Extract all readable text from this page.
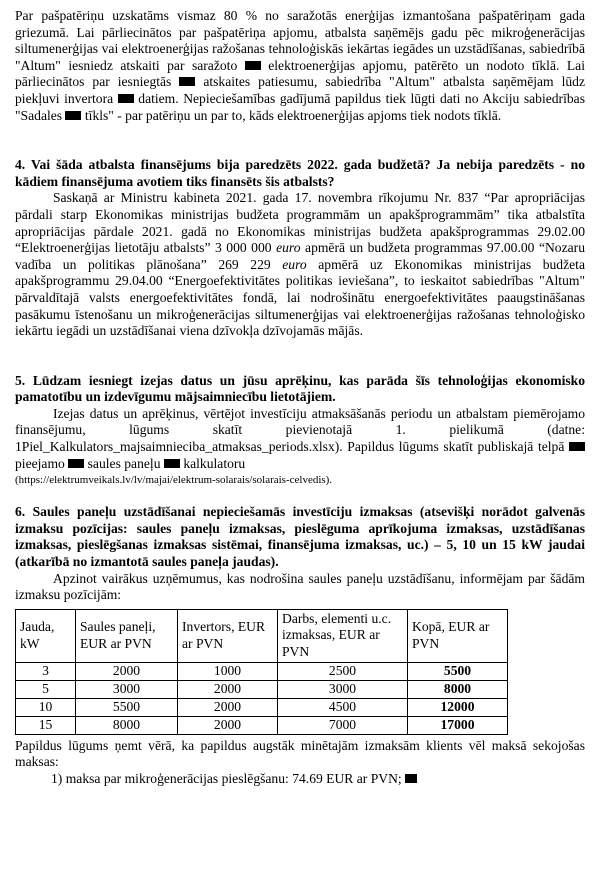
Par pašpatēriņu uzskatāms vismaz 80 % no saražotās enerģijas izmantošana pašpatēriņam gada griezumā. Lai pārliecinātos par pašpatēriņa apjomu, atbalsta saņēmējs gadu pēc mikroģenerācijas siltumenerģijas vai elektroenerģijas ražošanas tehnoloģiskās iekārtas iegādes un uzstādīšanas, sabiedrībā "Altum" iesniedz atskaiti par saražoto elektroenerģijas apjomu, patērēto un nodoto tīklā. Lai pārliecinātos par iesniegtās atskaites patiesumu, sabiedrība "Altum" atbalsta saņēmējam lūdz piekļuvi invertora datiem. Nepieciešamības gadījumā papildus tiek lūgti dati no Akciju sabiedrības "Sadales tīkls" - par patēriņu un par to, kāds elektroenerģijas apjoms tiek nodots tīklā.
4. Vai šāda atbalsta finansējums bija paredzēts 2022. gada budžetā? Ja nebija paredzēts - no kādiem finansējuma avotiem tiks finansēts šis atbalsts?
Saskaņā ar Ministru kabineta 2021. gada 17. novembra rīkojumu Nr. 837 “Par apropriācijas pārdali starp Ekonomikas ministrijas budžeta programmām un apakšprogrammām” tika atbalstīta apropriācijas pārdale 2021. gadā no Ekonomikas ministrijas budžeta apakšprogrammas 29.02.00 “Elektroenerģijas lietotāju atbalsts” 3 000 000 euro apmērā un budžeta programmas 97.00.00 “Nozaru vadība un politikas plānošana” 269 229 euro apmērā uz Ekonomikas ministrijas budžeta apakšprogrammu 29.04.00 “Energoefektivitātes politikas ieviešana”, to ieskaitot sabiedrības "Altum" pārvaldītajā valsts energoefektivitātes fondā, lai nodrošinātu energoefektivitātes paaugstināšanas pasākumu īstenošanu un mikroģenerācijas siltumenerģijas vai elektroenerģijas ražošanas tehnoloģisko iekārtu iegādi un uzstādīšanai viena dzīvokļa dzīvojamās mājās.
5. Lūdzam iesniegt izejas datus un jūsu aprēķinu, kas parāda šīs tehnoloģijas ekonomisko pamatotību un izdevīgumu mājsaimniecību lietotājiem.
Izejas datus un aprēķinus, vērtējot investīciju atmaksāšanās periodu un atbalstam piemērojamo finansējumu, lūgums skatīt pievienotajā 1. pielikumā (datne: 1Piel_Kalkulators_majsaimnieciba_atmaksas_periods.xlsx). Papildus lūgums skatīt publiskajā telpā  pieejamo saules paneļu kalkulatoru
(https://elektrumveikals.lv/lv/majai/elektrum-solarais/solarais-celvedis).
6. Saules paneļu uzstādīšanai nepieciešamās investīciju izmaksas (atsevišķi norādot galvenās izmaksu pozīcijas: saules paneļu izmaksas, pieslēguma aprīkojuma izmaksas, uzstādīšanas izmaksas, pieslēgšanas izmaksas sistēmai, finansējuma izmaksas, uc.) – 5, 10 un 15 kW jaudai (atkarībā no izmantotā saules paneļa jaudas).
Apzinot vairākus uzņēmumus, kas nodrošina saules paneļu uzstādīšanu, informējam par šādām izmaksu pozīcijām:
Jauda, kW	Saules paneļi, EUR ar PVN	Invertors, EUR ar PVN	Darbs, elementi u.c. izmaksas, EUR ar PVN	Kopā, EUR ar PVN
3	2000	1000	2500	5500
5	3000	2000	3000	8000
10	5500	2000	4500	12000
15	8000	2000	7000	17000
Papildus lūgums ņemt vērā, ka papildus augstāk minētajām izmaksām klients vēl maksā sekojošas maksas:
1) maksa par mikroģenerācijas pieslēgšanu: 74.69 EUR ar PVN;
